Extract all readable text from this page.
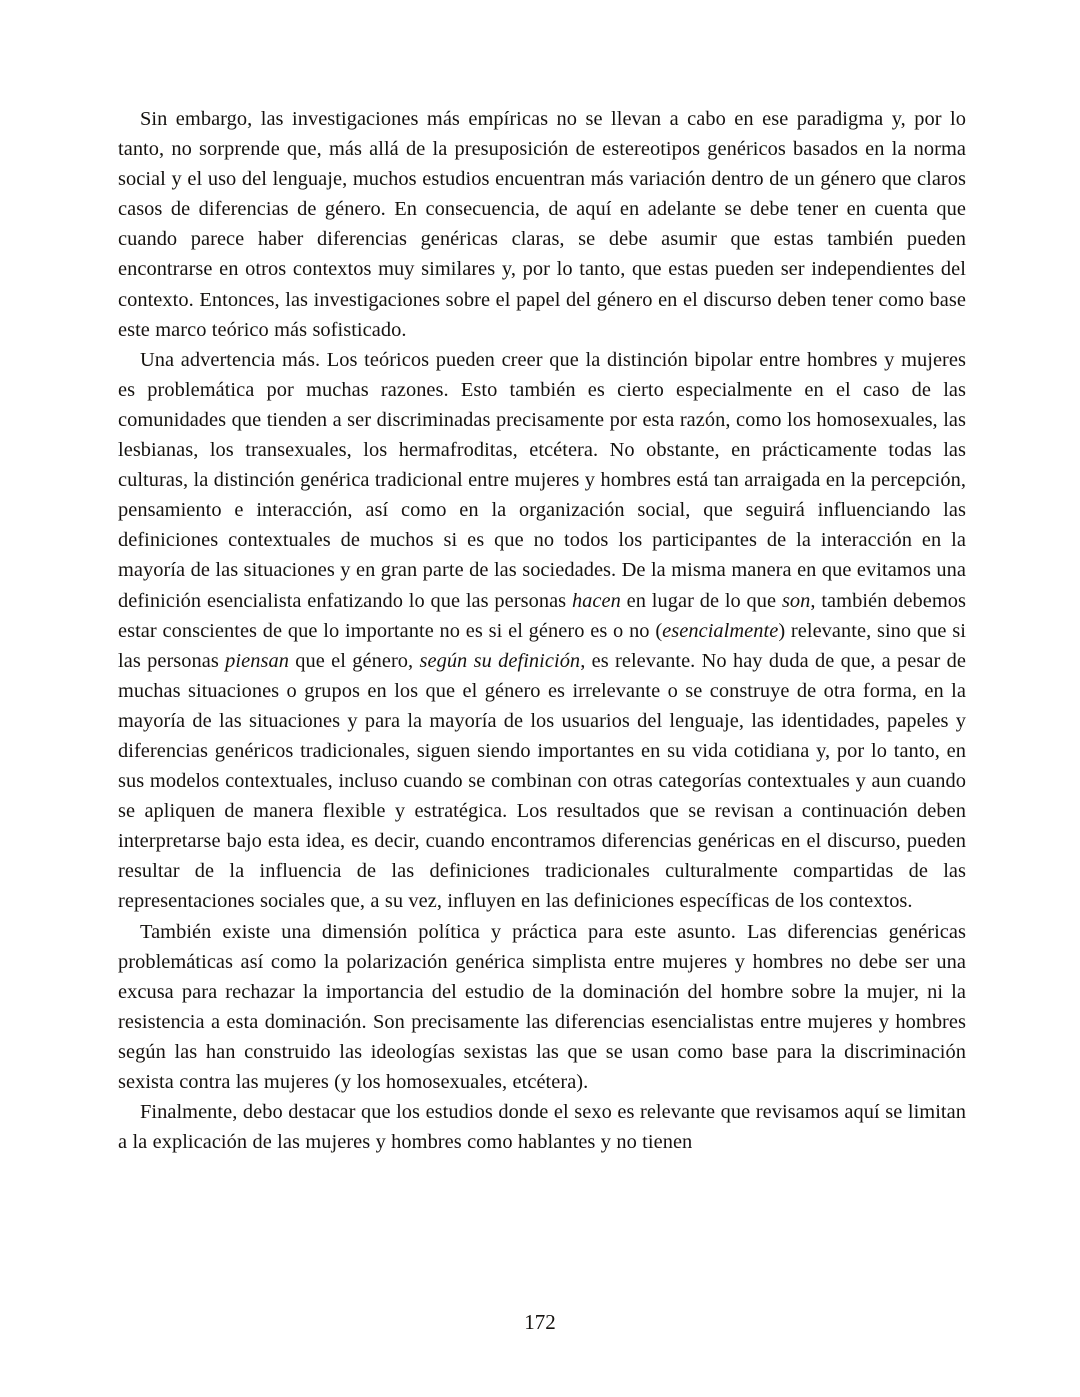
Sin embargo, las investigaciones más empíricas no se llevan a cabo en ese paradigma y, por lo tanto, no sorprende que, más allá de la presuposición de estereotipos genéricos basados en la norma social y el uso del lenguaje, muchos estudios encuentran más variación dentro de un género que claros casos de diferencias de género. En consecuencia, de aquí en adelante se debe tener en cuenta que cuando parece haber diferencias genéricas claras, se debe asumir que estas también pueden encontrarse en otros contextos muy similares y, por lo tanto, que estas pueden ser independientes del contexto. Entonces, las investigaciones sobre el papel del género en el discurso deben tener como base este marco teórico más sofisticado.

Una advertencia más. Los teóricos pueden creer que la distinción bipolar entre hombres y mujeres es problemática por muchas razones. Esto también es cierto especialmente en el caso de las comunidades que tienden a ser discriminadas precisamente por esta razón, como los homosexuales, las lesbianas, los transexuales, los hermafroditas, etcétera. No obstante, en prácticamente todas las culturas, la distinción genérica tradicional entre mujeres y hombres está tan arraigada en la percepción, pensamiento e interacción, así como en la organización social, que seguirá influenciando las definiciones contextuales de muchos si es que no todos los participantes de la interacción en la mayoría de las situaciones y en gran parte de las sociedades. De la misma manera en que evitamos una definición esencialista enfatizando lo que las personas hacen en lugar de lo que son, también debemos estar conscientes de que lo importante no es si el género es o no (esencialmente) relevante, sino que si las personas piensan que el género, según su definición, es relevante. No hay duda de que, a pesar de muchas situaciones o grupos en los que el género es irrelevante o se construye de otra forma, en la mayoría de las situaciones y para la mayoría de los usuarios del lenguaje, las identidades, papeles y diferencias genéricos tradicionales, siguen siendo importantes en su vida cotidiana y, por lo tanto, en sus modelos contextuales, incluso cuando se combinan con otras categorías contextuales y aun cuando se apliquen de manera flexible y estratégica. Los resultados que se revisan a continuación deben interpretarse bajo esta idea, es decir, cuando encontramos diferencias genéricas en el discurso, pueden resultar de la influencia de las definiciones tradicionales culturalmente compartidas de las representaciones sociales que, a su vez, influyen en las definiciones específicas de los contextos.

También existe una dimensión política y práctica para este asunto. Las diferencias genéricas problemáticas así como la polarización genérica simplista entre mujeres y hombres no debe ser una excusa para rechazar la importancia del estudio de la dominación del hombre sobre la mujer, ni la resistencia a esta dominación. Son precisamente las diferencias esencialistas entre mujeres y hombres según las han construido las ideologías sexistas las que se usan como base para la discriminación sexista contra las mujeres (y los homosexuales, etcétera).

Finalmente, debo destacar que los estudios donde el sexo es relevante que revisamos aquí se limitan a la explicación de las mujeres y hombres como hablantes y no tienen

172
